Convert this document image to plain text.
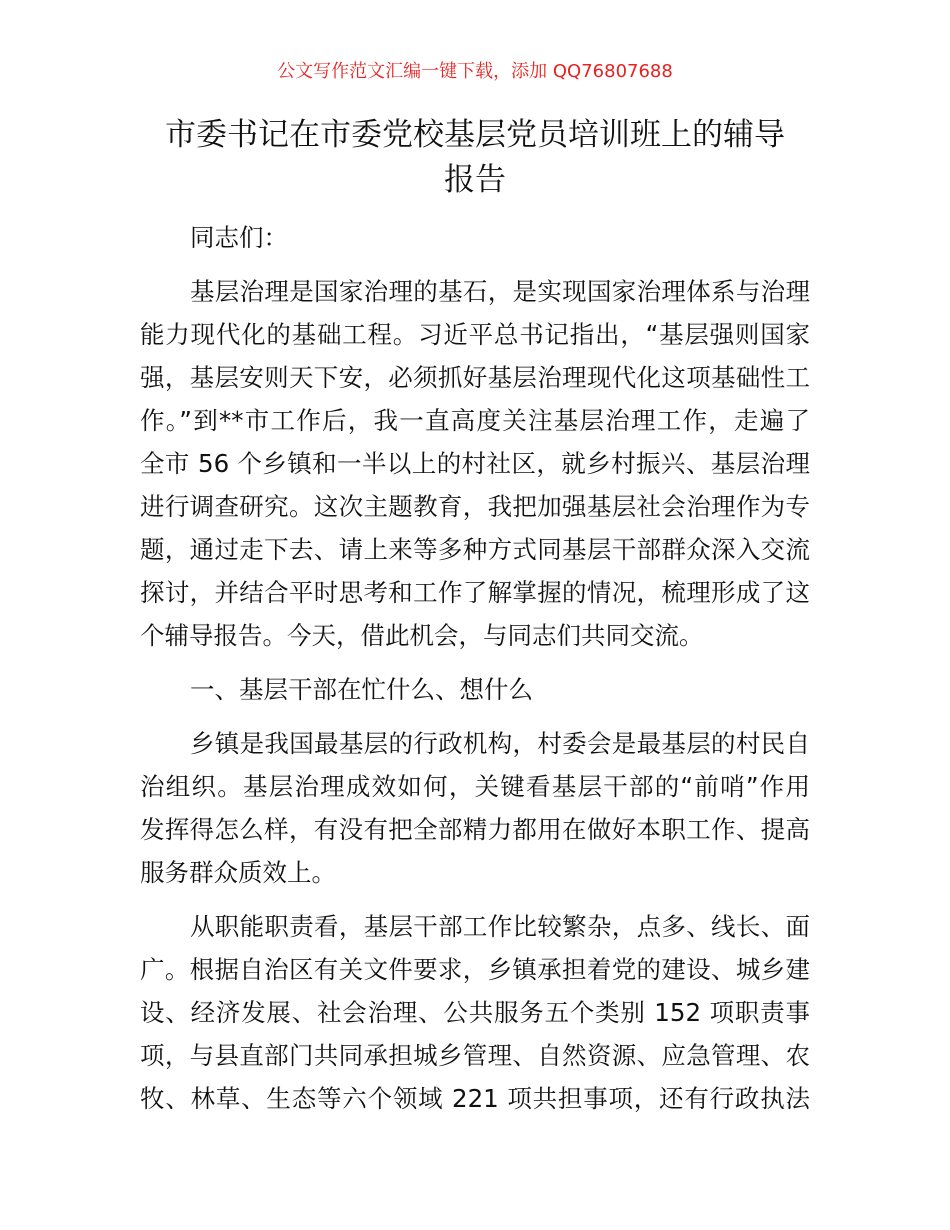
公文写作范文汇编一键下载，添加 QQ76807688
市委书记在市委党校基层党员培训班上的辅导
报告
同志们：
基层治理是国家治理的基石，是实现国家治理体系与治理
能力现代化的基础工程。习近平总书记指出，“基层强则国家
强，基层安则天下安，必须抓好基层治理现代化这项基础性工
作。”到**市工作后，我一直高度关注基层治理工作，走遍了
全市 56 个乡镇和一半以上的村社区，就乡村振兴、基层治理
进行调查研究。这次主题教育，我把加强基层社会治理作为专
题，通过走下去、请上来等多种方式同基层干部群众深入交流
探讨，并结合平时思考和工作了解掌握的情况，梳理形成了这
个辅导报告。今天，借此机会，与同志们共同交流。
一、基层干部在忙什么、想什么
乡镇是我国最基层的行政机构，村委会是最基层的村民自
治组织。基层治理成效如何，关键看基层干部的“前哨”作用
发挥得怎么样，有没有把全部精力都用在做好本职工作、提高
服务群众质效上。
从职能职责看，基层干部工作比较繁杂，点多、线长、面
广。根据自治区有关文件要求，乡镇承担着党的建设、城乡建
设、经济发展、社会治理、公共服务五个类别 152 项职责事
项，与县直部门共同承担城乡管理、自然资源、应急管理、农
牧、林草、生态等六个领域 221 项共担事项，还有行政执法
